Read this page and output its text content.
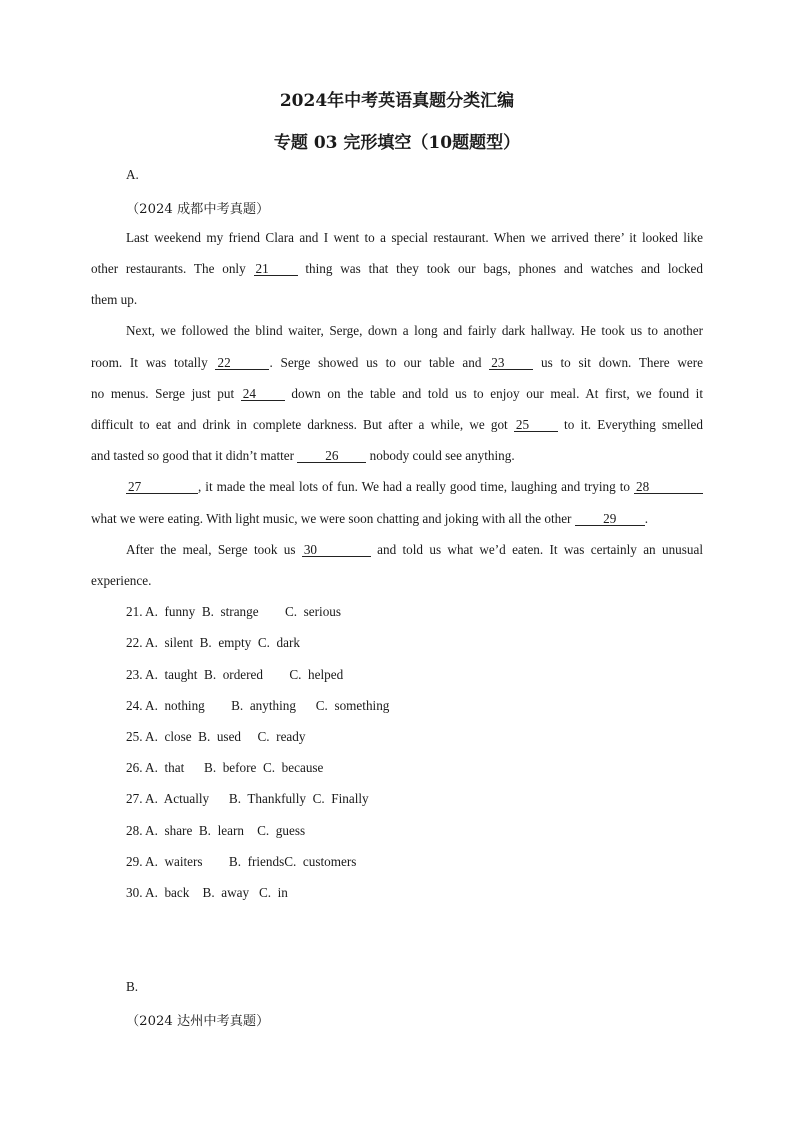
2024年中考英语真题分类汇编
专题 03 完形填空（10题题型）
A.
（2024 成都中考真题）
Last weekend my friend Clara and I went to a special restaurant. When we arrived there’ it looked like
other restaurants. The only 21 thing was that they took our bags, phones and watches and locked
them up.
Next, we followed the blind waiter, Serge, down a long and fairly dark hallway. He took us to another
room. It was totally 22	. Serge showed us to our table and 23 us to sit down. There were
no menus. Serge just put 24 down on the table and told us to enjoy our meal. At first, we found it
difficult to eat and drink in complete darkness. But after a while, we got 25 to it. Everything smelled
and tasted so good that it didn’t matter 26 nobody could see anything.
27	, it made the meal lots of fun. We had a really good time, laughing and trying to 28
what we were eating. With light music, we were soon chatting and joking with all the other 29 .
After the meal, Serge took us 30	and told us what we’d eaten. It was certainly an unusual
experience.
21. A.  funny  B.  strange        C.  serious
22. A.  silent  B.  empty  C.  dark
23. A.  taught  B.  ordered        C.  helped
24. A.  nothing        B.  anything      C.  something
25. A.  close  B.  used     C.  ready
26. A.  that      B.  before  C.  because
27. A.  Actually      B.  Thankfully  C.  Finally
28. A.  share  B.  learn    C.  guess
29. A.  waiters        B.  friendsC.  customers
30. A.  back    B.  away   C.  in
B.
（2024 达州中考真题）
